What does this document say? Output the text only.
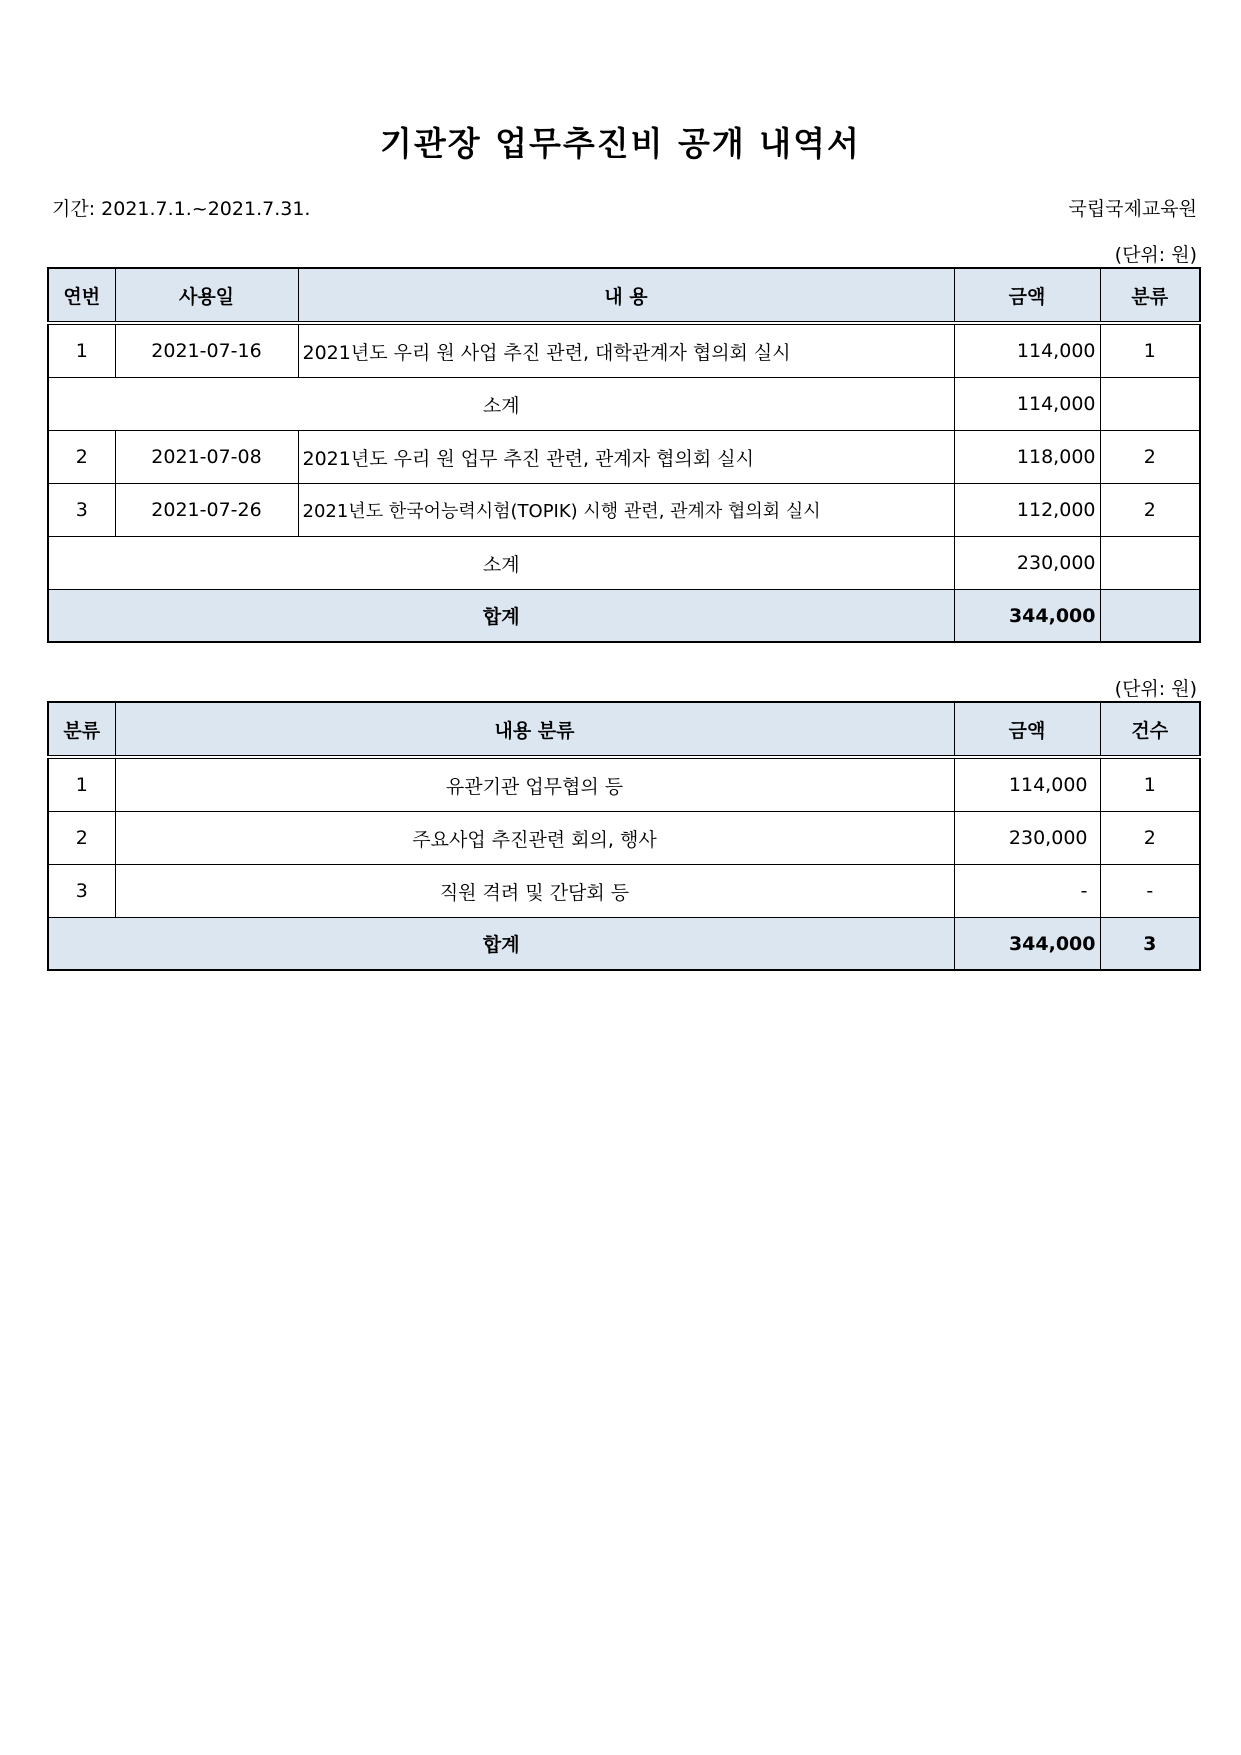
기관장 업무추진비 공개 내역서
기간: 2021.7.1.~2021.7.31.	국립국제교육원
(단위: 원)
연번	사용일	내 용	금액	분류
1	2021-07-16	2021년도 우리 원 사업 추진 관련, 대학관계자 협의회 실시	114,000	1
소계			114,000	
2	2021-07-08	2021년도 우리 원 업무 추진 관련, 관계자 협의회 실시	118,000	2
3	2021-07-26	2021년도 한국어능력시험(TOPIK) 시행 관련, 관계자 협의회 실시	112,000	2
소계			230,000	
합계			344,000	
(단위: 원)
분류	내용 분류	금액	건수
1	유관기관 업무협의 등	114,000	1
2	주요사업 추진관련 회의, 행사	230,000	2
3	직원 격려 및 간담회 등	-	-
합계		344,000	3
